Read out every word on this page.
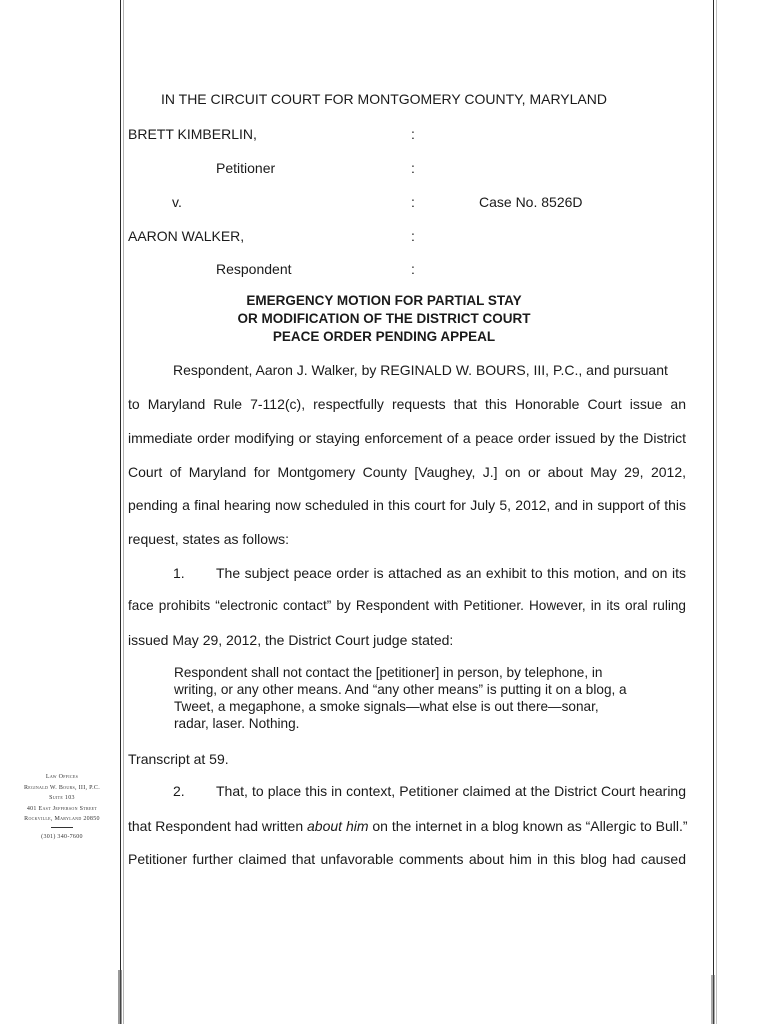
IN THE CIRCUIT COURT FOR MONTGOMERY COUNTY, MARYLAND
BRETT KIMBERLIN,	:
Petitioner	:
v.	:	Case No. 8526D
AARON WALKER,	:
Respondent	:
EMERGENCY MOTION FOR PARTIAL STAY
OR MODIFICATION OF THE DISTRICT COURT
PEACE ORDER PENDING APPEAL
Respondent, Aaron J. Walker, by REGINALD W. BOURS, III, P.C., and pursuant
to Maryland Rule 7-112(c), respectfully requests that this Honorable Court issue an
immediate order modifying or staying enforcement of a peace order issued by the District
Court of Maryland for Montgomery County [Vaughey, J.] on or about May 29, 2012,
pending a final hearing now scheduled in this court for July 5, 2012, and in support of this
request, states as follows:
1. The subject peace order is attached as an exhibit to this motion, and on its
face prohibits “electronic contact” by Respondent with Petitioner. However, in its oral ruling
issued May 29, 2012, the District Court judge stated:
Respondent shall not contact the [petitioner] in person, by telephone, in
writing, or any other means. And “any other means” is putting it on a blog, a
Tweet, a megaphone, a smoke signals—what else is out there—sonar,
radar, laser. Nothing.
Transcript at 59.
2. That, to place this in context, Petitioner claimed at the District Court hearing
that Respondent had written about him on the internet in a blog known as “Allergic to Bull.”
Petitioner further claimed that unfavorable comments about him in this blog had caused
Law Offices
Reginald W. Bours, III, P.C.
Suite 103
401 East Jefferson Street
Rockville, Maryland 20850
(301) 340-7600
